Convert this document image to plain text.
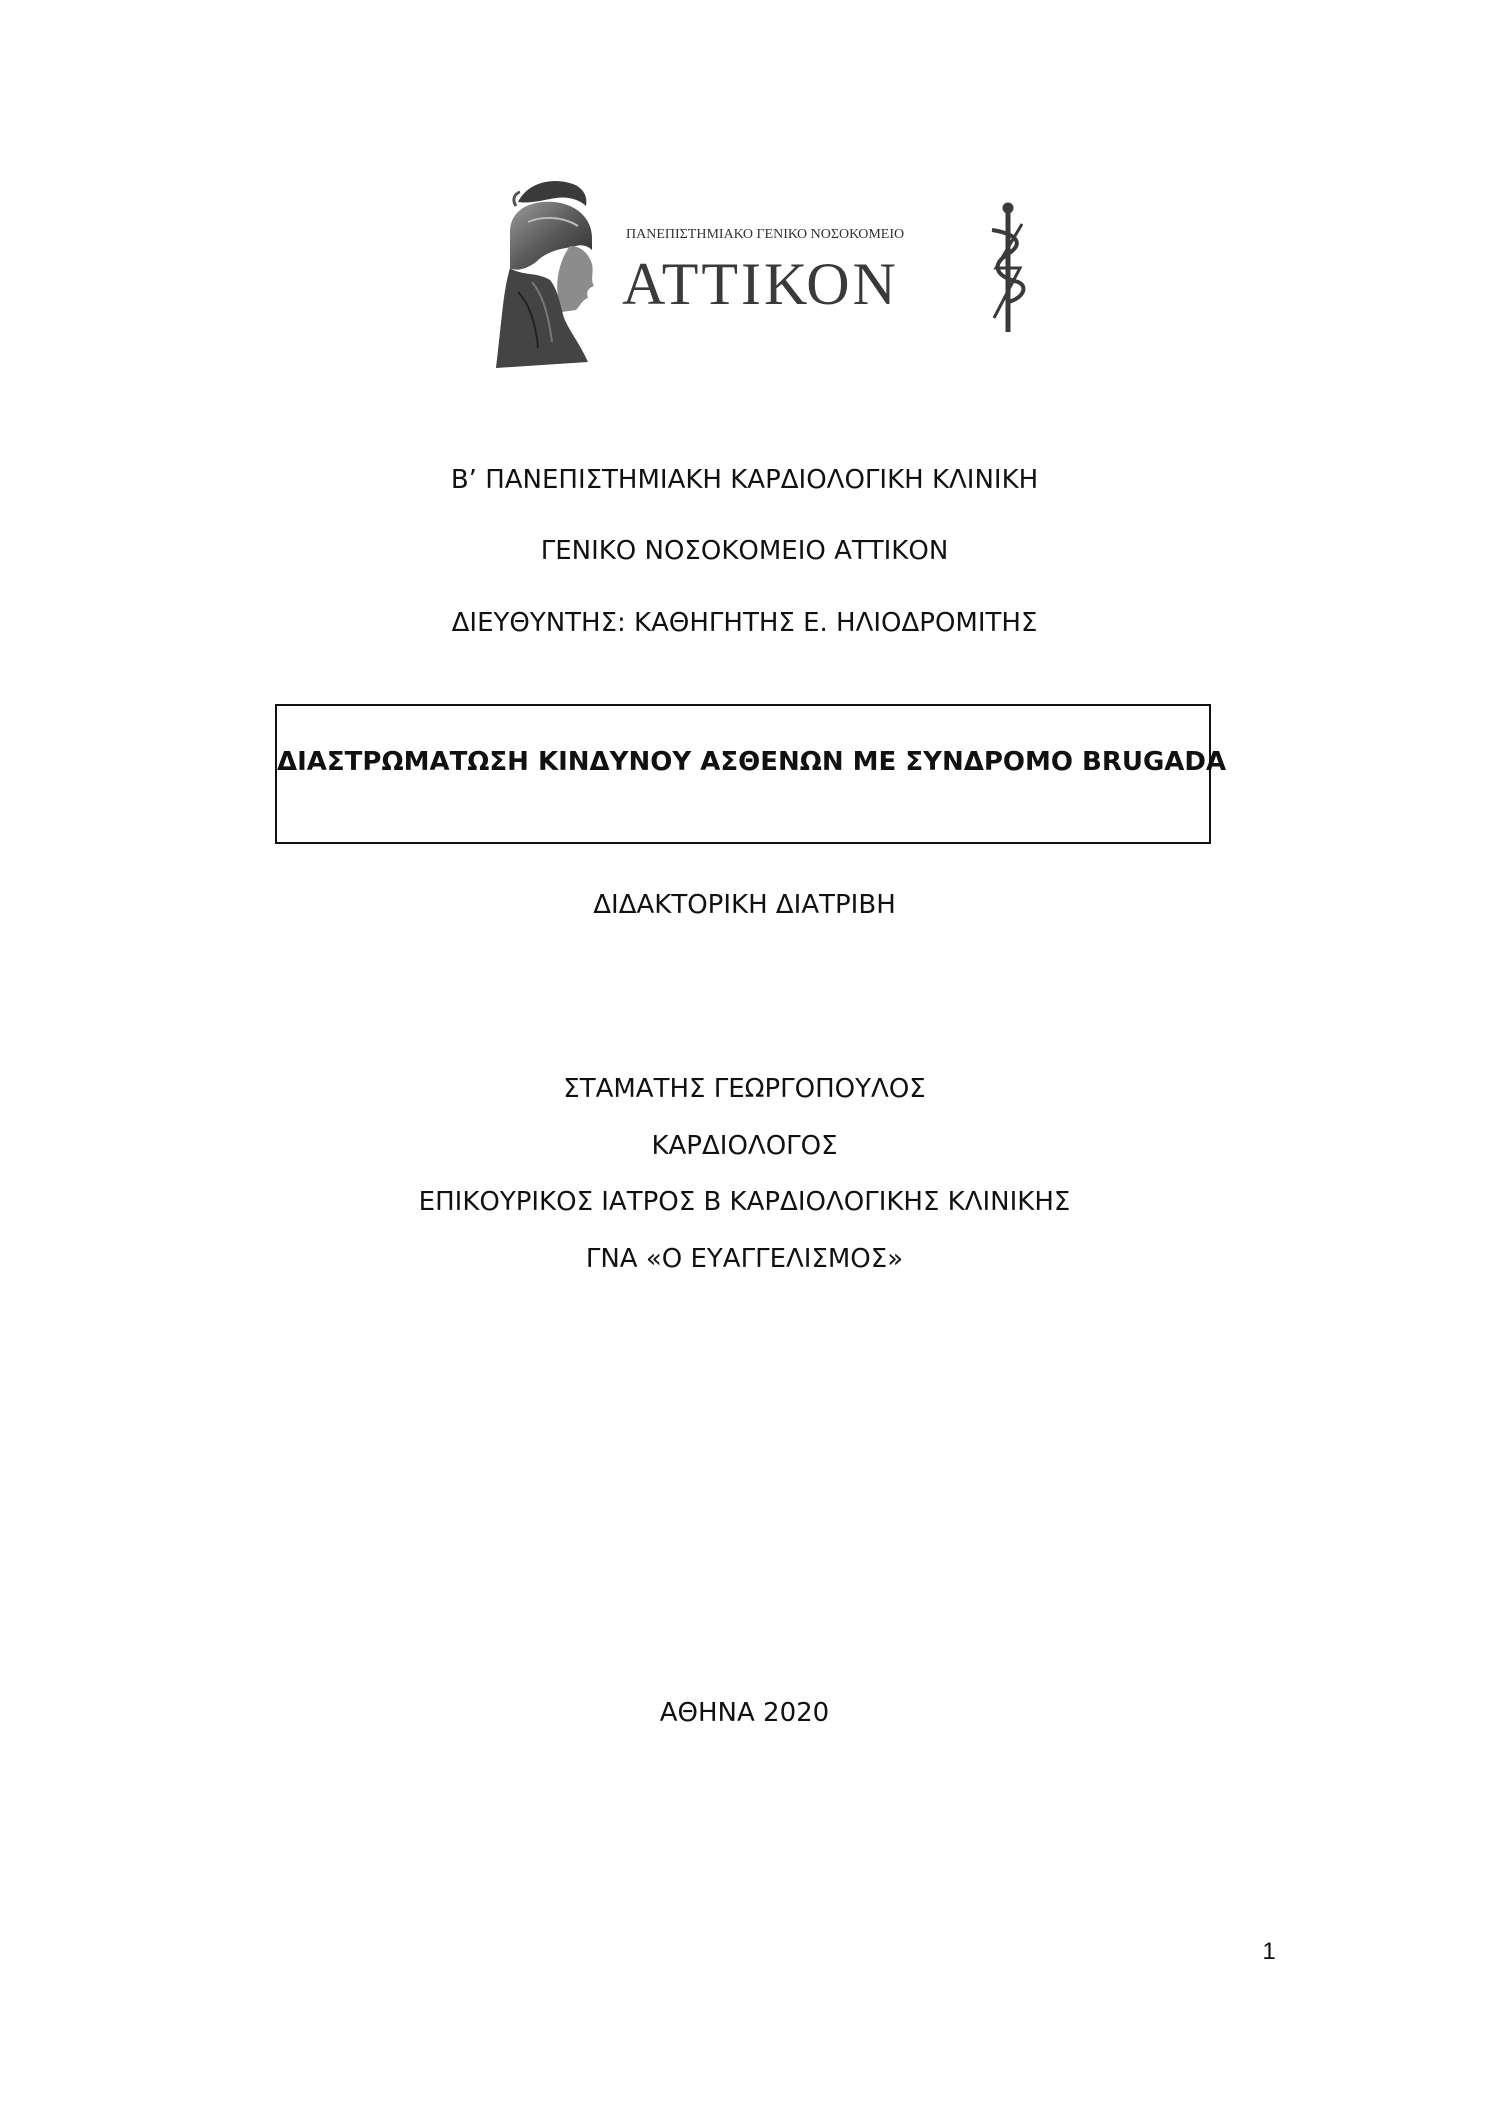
ΠΑΝΕΠΙΣΤΗΜΙΑΚΟ ΓΕΝΙΚΟ ΝΟΣΟΚΟΜΕΙΟ
ΑΤΤΙΚΟΝ
Β’ ΠΑΝΕΠΙΣΤΗΜΙΑΚΗ ΚΑΡΔΙΟΛΟΓΙΚΗ ΚΛΙΝΙΚΗ
ΓΕΝΙΚΟ ΝΟΣΟΚΟΜΕΙΟ ΑΤΤΙΚΟΝ
ΔΙΕΥΘΥΝΤΗΣ: ΚΑΘΗΓΗΤΗΣ Ε. ΗΛΙΟΔΡΟΜΙΤΗΣ
ΔΙΑΣΤΡΩΜΑΤΩΣΗ ΚΙΝΔΥΝΟΥ ΑΣΘΕΝΩΝ ΜΕ ΣΥΝΔΡΟΜΟ BRUGADA
ΔΙΔΑΚΤΟΡΙΚΗ ΔΙΑΤΡΙΒΗ
ΣΤΑΜΑΤΗΣ ΓΕΩΡΓΟΠΟΥΛΟΣ
ΚΑΡΔΙΟΛΟΓΟΣ
ΕΠΙΚΟΥΡΙΚΟΣ ΙΑΤΡΟΣ Β ΚΑΡΔΙΟΛΟΓΙΚΗΣ ΚΛΙΝΙΚΗΣ
ΓΝΑ «Ο ΕΥΑΓΓΕΛΙΣΜΟΣ»
ΑΘΗΝΑ 2020
1
